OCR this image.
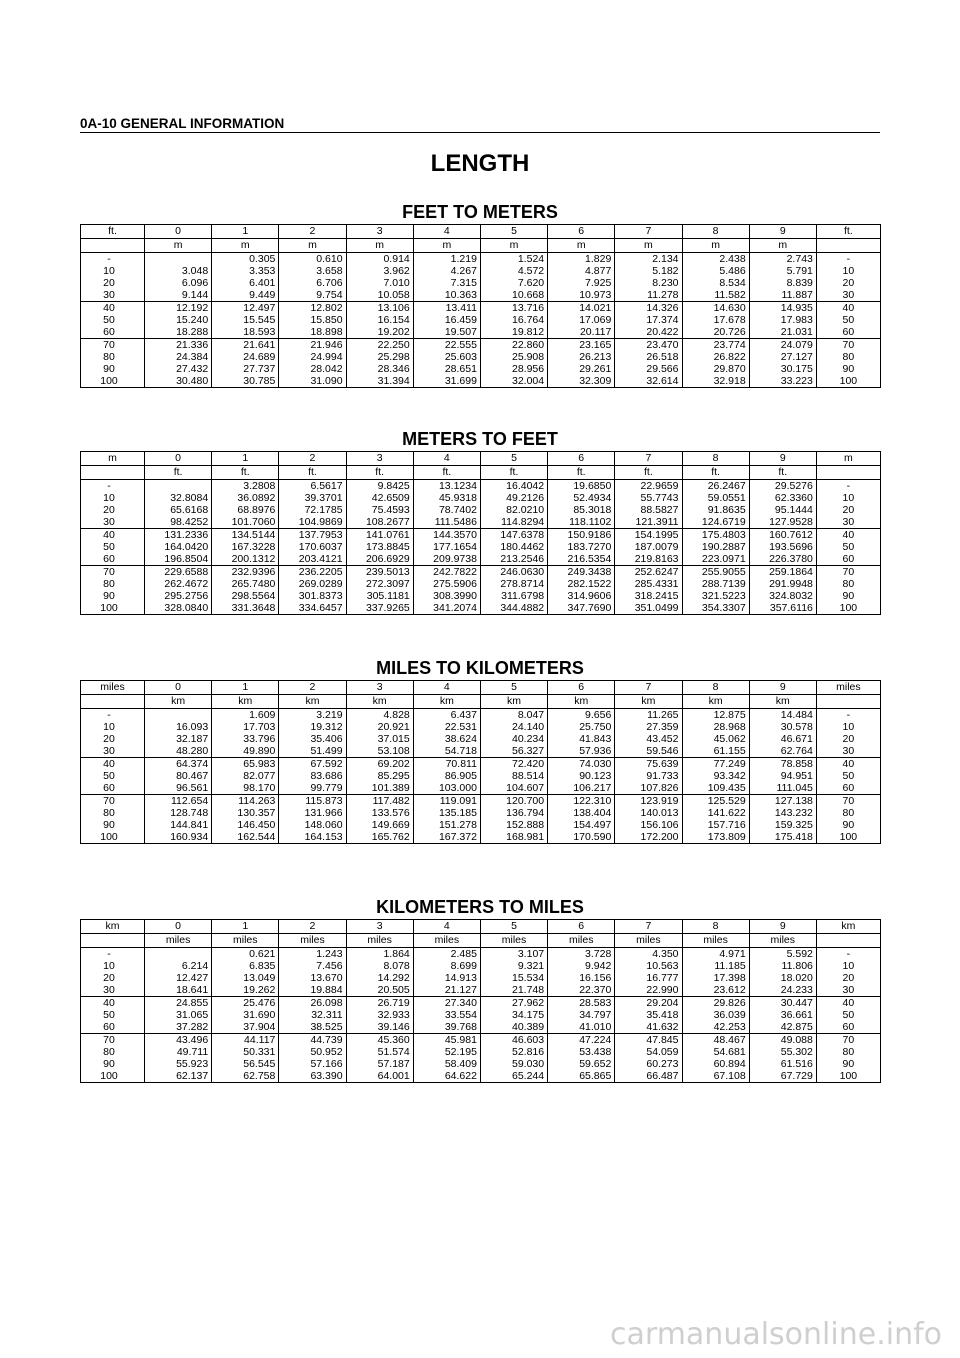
0A-10 GENERAL INFORMATION
LENGTH
FEET TO METERS
ft.	0	1	2	3	4	5	6	7	8	9	ft.
	m	m	m	m	m	m	m	m	m	m	
-		0.305	0.610	0.914	1.219	1.524	1.829	2.134	2.438	2.743	-
10	3.048	3.353	3.658	3.962	4.267	4.572	4.877	5.182	5.486	5.791	10
20	6.096	6.401	6.706	7.010	7.315	7.620	7.925	8.230	8.534	8.839	20
30	9.144	9.449	9.754	10.058	10.363	10.668	10.973	11.278	11.582	11.887	30
40	12.192	12.497	12.802	13.106	13.411	13.716	14.021	14.326	14.630	14.935	40
50	15.240	15.545	15.850	16.154	16.459	16.764	17.069	17.374	17.678	17.983	50
60	18.288	18.593	18.898	19.202	19.507	19.812	20.117	20.422	20.726	21.031	60
70	21.336	21.641	21.946	22.250	22.555	22.860	23.165	23.470	23.774	24.079	70
80	24.384	24.689	24.994	25.298	25.603	25.908	26.213	26.518	26.822	27.127	80
90	27.432	27.737	28.042	28.346	28.651	28.956	29.261	29.566	29.870	30.175	90
100	30.480	30.785	31.090	31.394	31.699	32.004	32.309	32.614	32.918	33.223	100
METERS TO FEET
m	0	1	2	3	4	5	6	7	8	9	m
	ft.	ft.	ft.	ft.	ft.	ft.	ft.	ft.	ft.	ft.	
-		3.2808	6.5617	9.8425	13.1234	16.4042	19.6850	22.9659	26.2467	29.5276	-
10	32.8084	36.0892	39.3701	42.6509	45.9318	49.2126	52.4934	55.7743	59.0551	62.3360	10
20	65.6168	68.8976	72.1785	75.4593	78.7402	82.0210	85.3018	88.5827	91.8635	95.1444	20
30	98.4252	101.7060	104.9869	108.2677	111.5486	114.8294	118.1102	121.3911	124.6719	127.9528	30
40	131.2336	134.5144	137.7953	141.0761	144.3570	147.6378	150.9186	154.1995	175.4803	160.7612	40
50	164.0420	167.3228	170.6037	173.8845	177.1654	180.4462	183.7270	187.0079	190.2887	193.5696	50
60	196.8504	200.1312	203.4121	206.6929	209.9738	213.2546	216.5354	219.8163	223.0971	226.3780	60
70	229.6588	232.9396	236.2205	239.5013	242.7822	246.0630	249.3438	252.6247	255.9055	259.1864	70
80	262.4672	265.7480	269.0289	272.3097	275.5906	278.8714	282.1522	285.4331	288.7139	291.9948	80
90	295.2756	298.5564	301.8373	305.1181	308.3990	311.6798	314.9606	318.2415	321.5223	324.8032	90
100	328.0840	331.3648	334.6457	337.9265	341.2074	344.4882	347.7690	351.0499	354.3307	357.6116	100
MILES TO KILOMETERS
miles	0	1	2	3	4	5	6	7	8	9	miles
	km	km	km	km	km	km	km	km	km	km	
-		1.609	3.219	4.828	6.437	8.047	9.656	11.265	12.875	14.484	-
10	16.093	17.703	19.312	20.921	22.531	24.140	25.750	27.359	28.968	30.578	10
20	32.187	33.796	35.406	37.015	38.624	40.234	41.843	43.452	45.062	46.671	20
30	48.280	49.890	51.499	53.108	54.718	56.327	57.936	59.546	61.155	62.764	30
40	64.374	65.983	67.592	69.202	70.811	72.420	74.030	75.639	77.249	78.858	40
50	80.467	82.077	83.686	85.295	86.905	88.514	90.123	91.733	93.342	94.951	50
60	96.561	98.170	99.779	101.389	103.000	104.607	106.217	107.826	109.435	111.045	60
70	112.654	114.263	115.873	117.482	119.091	120.700	122.310	123.919	125.529	127.138	70
80	128.748	130.357	131.966	133.576	135.185	136.794	138.404	140.013	141.622	143.232	80
90	144.841	146.450	148.060	149.669	151.278	152.888	154.497	156.106	157.716	159.325	90
100	160.934	162.544	164.153	165.762	167.372	168.981	170.590	172.200	173.809	175.418	100
KILOMETERS TO MILES
km	0	1	2	3	4	5	6	7	8	9	km
	miles	miles	miles	miles	miles	miles	miles	miles	miles	miles	
-		0.621	1.243	1.864	2.485	3.107	3.728	4.350	4.971	5.592	-
10	6.214	6.835	7.456	8.078	8.699	9.321	9.942	10.563	11.185	11.806	10
20	12.427	13.049	13.670	14.292	14.913	15.534	16.156	16.777	17.398	18.020	20
30	18.641	19.262	19.884	20.505	21.127	21.748	22.370	22.990	23.612	24.233	30
40	24.855	25.476	26.098	26.719	27.340	27.962	28.583	29.204	29.826	30.447	40
50	31.065	31.690	32.311	32.933	33.554	34.175	34.797	35.418	36.039	36.661	50
60	37.282	37.904	38.525	39.146	39.768	40.389	41.010	41.632	42.253	42.875	60
70	43.496	44.117	44.739	45.360	45.981	46.603	47.224	47.845	48.467	49.088	70
80	49.711	50.331	50.952	51.574	52.195	52.816	53.438	54.059	54.681	55.302	80
90	55.923	56.545	57.166	57.187	58.409	59.030	59.652	60.273	60.894	61.516	90
100	62.137	62.758	63.390	64.001	64.622	65.244	65.865	66.487	67.108	67.729	100
carmanualsonline.info
